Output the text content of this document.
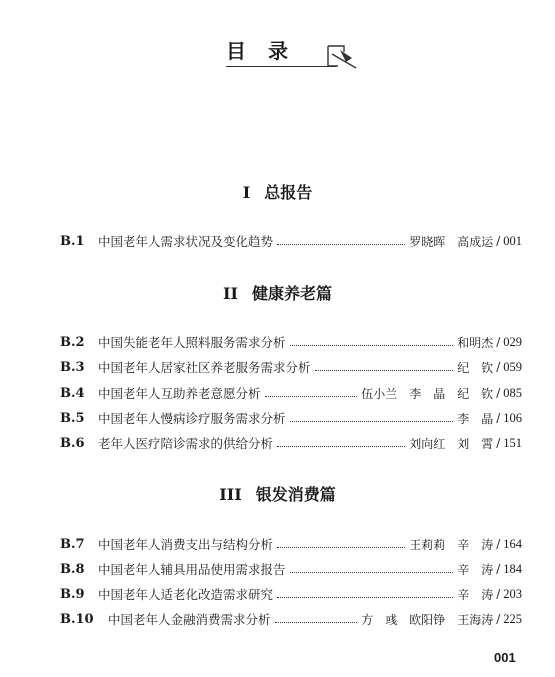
目录
I 总报告
B.1	中国老年人需求状况及变化趋势	罗晓晖　高成运 / 001
II 健康养老篇
B.2	中国失能老年人照料服务需求分析	和明杰 / 029
B.3	中国老年人居家社区养老服务需求分析	纪　钦 / 059
B.4	中国老年人互助养老意愿分析	伍小兰　李　晶　纪　钦 / 085
B.5	中国老年人慢病诊疗服务需求分析	李　晶 / 106
B.6	老年人医疗陪诊需求的供给分析	刘向红　刘　霄 / 151
III 银发消费篇
B.7	中国老年人消费支出与结构分析	王莉莉　辛　涛 / 164
B.8	中国老年人辅具用品使用需求报告	辛　涛 / 184
B.9	中国老年人适老化改造需求研究	辛　涛 / 203
B.10	中国老年人金融消费需求分析	方　彧　欧阳铮　王海涛 / 225
001
